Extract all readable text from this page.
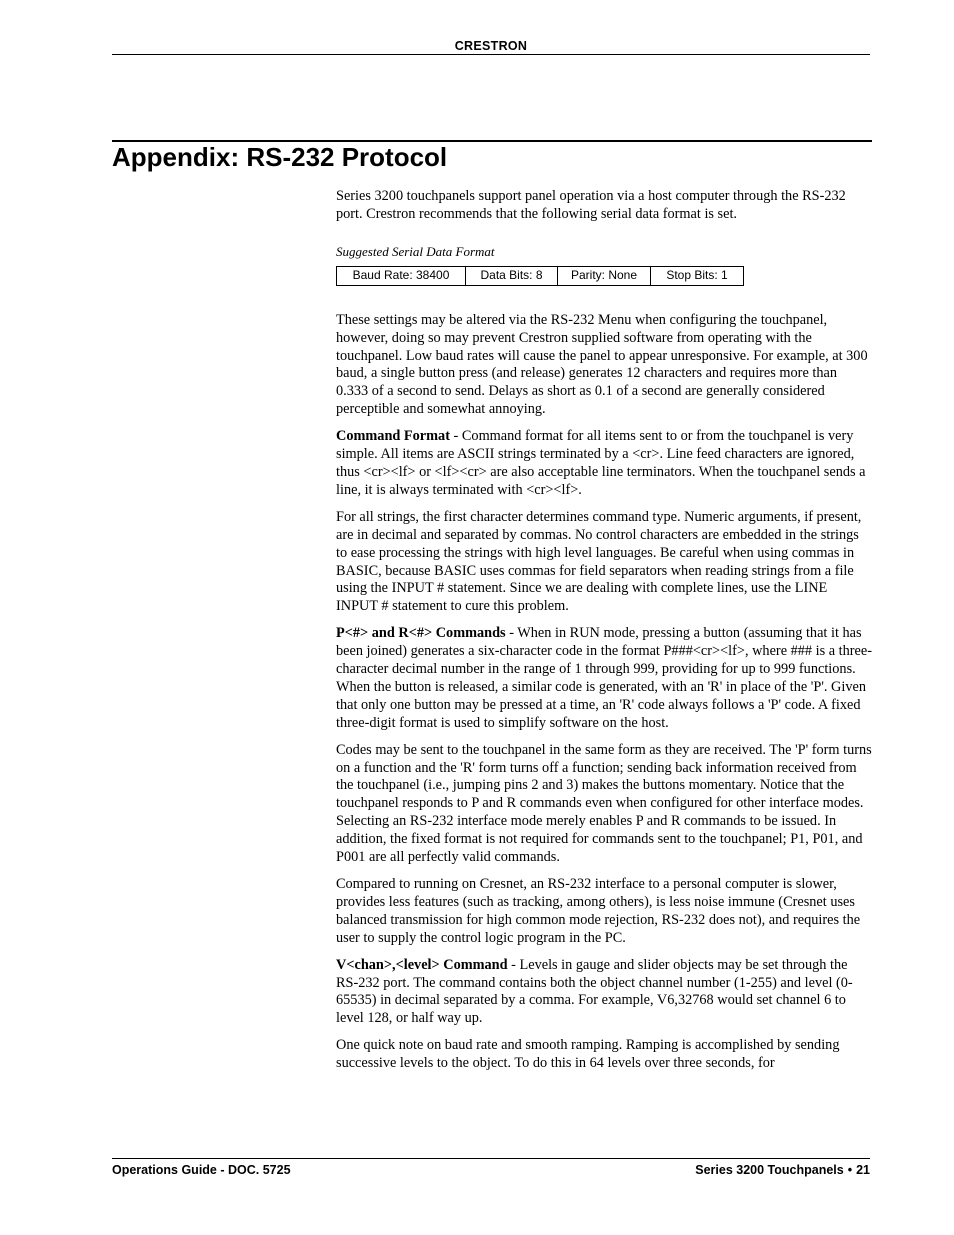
CRESTRON
Appendix: RS-232 Protocol

Series 3200 touchpanels support panel operation via a host computer through the RS-232 port. Crestron recommends that the following serial data format is set.

Suggested Serial Data Format
Baud Rate: 38400	Data Bits: 8	Parity: None	Stop Bits: 1

These settings may be altered via the RS-232 Menu when configuring the touchpanel, however, doing so may prevent Crestron supplied software from operating with the touchpanel. Low baud rates will cause the panel to appear unresponsive. For example, at 300 baud, a single button press (and release) generates 12 characters and requires more than 0.333 of a second to send. Delays as short as 0.1 of a second are generally considered perceptible and somewhat annoying.

Command Format - Command format for all items sent to or from the touchpanel is very simple. All items are ASCII strings terminated by a <cr>. Line feed characters are ignored, thus <cr><lf> or <lf><cr> are also acceptable line terminators. When the touchpanel sends a line, it is always terminated with <cr><lf>.

For all strings, the first character determines command type. Numeric arguments, if present, are in decimal and separated by commas. No control characters are embedded in the strings to ease processing the strings with high level languages. Be careful when using commas in BASIC, because BASIC uses commas for field separators when reading strings from a file using the INPUT # statement. Since we are dealing with complete lines, use the LINE INPUT # statement to cure this problem.

P<#> and R<#> Commands - When in RUN mode, pressing a button (assuming that it has been joined) generates a six-character code in the format P###<cr><lf>, where ### is a three-character decimal number in the range of 1 through 999, providing for up to 999 functions. When the button is released, a similar code is generated, with an 'R' in place of the 'P'. Given that only one button may be pressed at a time, an 'R' code always follows a 'P' code. A fixed three-digit format is used to simplify software on the host.

Codes may be sent to the touchpanel in the same form as they are received. The 'P' form turns on a function and the 'R' form turns off a function; sending back information received from the touchpanel (i.e., jumping pins 2 and 3) makes the buttons momentary. Notice that the touchpanel responds to P and R commands even when configured for other interface modes. Selecting an RS-232 interface mode merely enables P and R commands to be issued. In addition, the fixed format is not required for commands sent to the touchpanel; P1, P01, and P001 are all perfectly valid commands.

Compared to running on Cresnet, an RS-232 interface to a personal computer is slower, provides less features (such as tracking, among others), is less noise immune (Cresnet uses balanced transmission for high common mode rejection, RS-232 does not), and requires the user to supply the control logic program in the PC.

V<chan>,<level> Command - Levels in gauge and slider objects may be set through the RS-232 port. The command contains both the object channel number (1-255) and level (0-65535) in decimal separated by a comma. For example, V6,32768 would set channel 6 to level 128, or half way up.

One quick note on baud rate and smooth ramping. Ramping is accomplished by sending successive levels to the object. To do this in 64 levels over three seconds, for

Operations Guide - DOC. 5725	Series 3200 Touchpanels • 21
